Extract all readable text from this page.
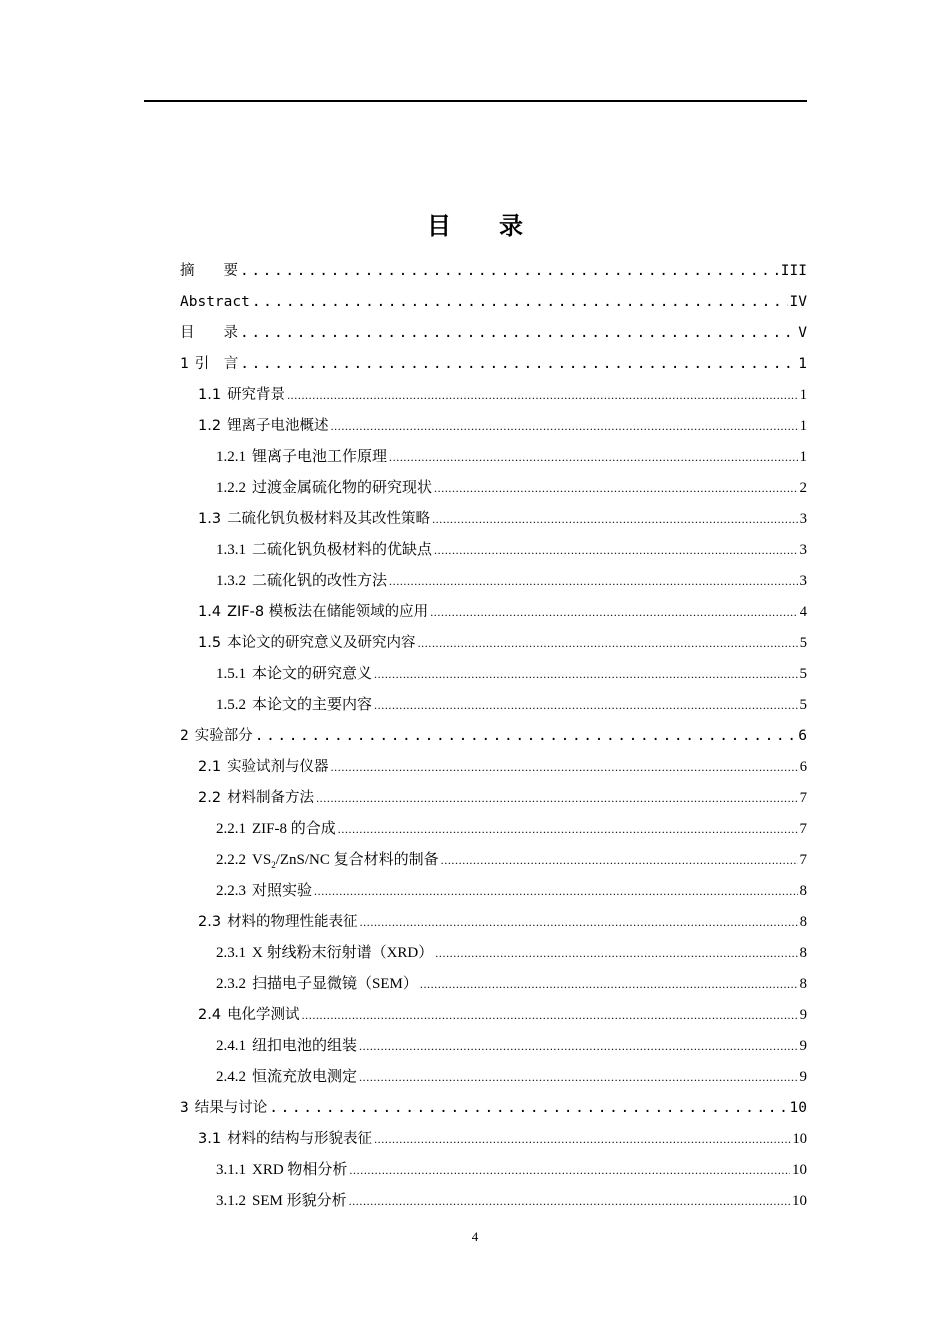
目　　录
摘　　要 .....	III
Abstract .....	IV
目　　录 .....	V
1 引　言 .....	1
1.1 研究背景 .....	1
1.2 锂离子电池概述 .....	1
1.2.1 锂离子电池工作原理 .....	1
1.2.2 过渡金属硫化物的研究现状 .....	2
1.3 二硫化钒负极材料及其改性策略 .....	3
1.3.1 二硫化钒负极材料的优缺点 .....	3
1.3.2 二硫化钒的改性方法 .....	3
1.4 ZIF-8 模板法在储能领域的应用 .....	4
1.5 本论文的研究意义及研究内容 .....	5
1.5.1 本论文的研究意义 .....	5
1.5.2 本论文的主要内容 .....	5
2 实验部分 .....	6
2.1 实验试剂与仪器 .....	6
2.2 材料制备方法 .....	7
2.2.1 ZIF-8 的合成 .....	7
2.2.2 $VS_2/ZnS/NC$ 复合材料的制备 .....	7
2.2.3 对照实验 .....	8
2.3 材料的物理性能表征 .....	8
2.3.1 X 射线粉末衍射谱（XRD） .....	8
2.3.2 扫描电子显微镜（SEM） .....	8
2.4 电化学测试 .....	9
2.4.1 纽扣电池的组装 .....	9
2.4.2 恒流充放电测定 .....	9
3 结果与讨论 .....	10
3.1 材料的结构与形貌表征 .....	10
3.1.1 XRD 物相分析 .....	10
3.1.2 SEM 形貌分析 .....	10
4
